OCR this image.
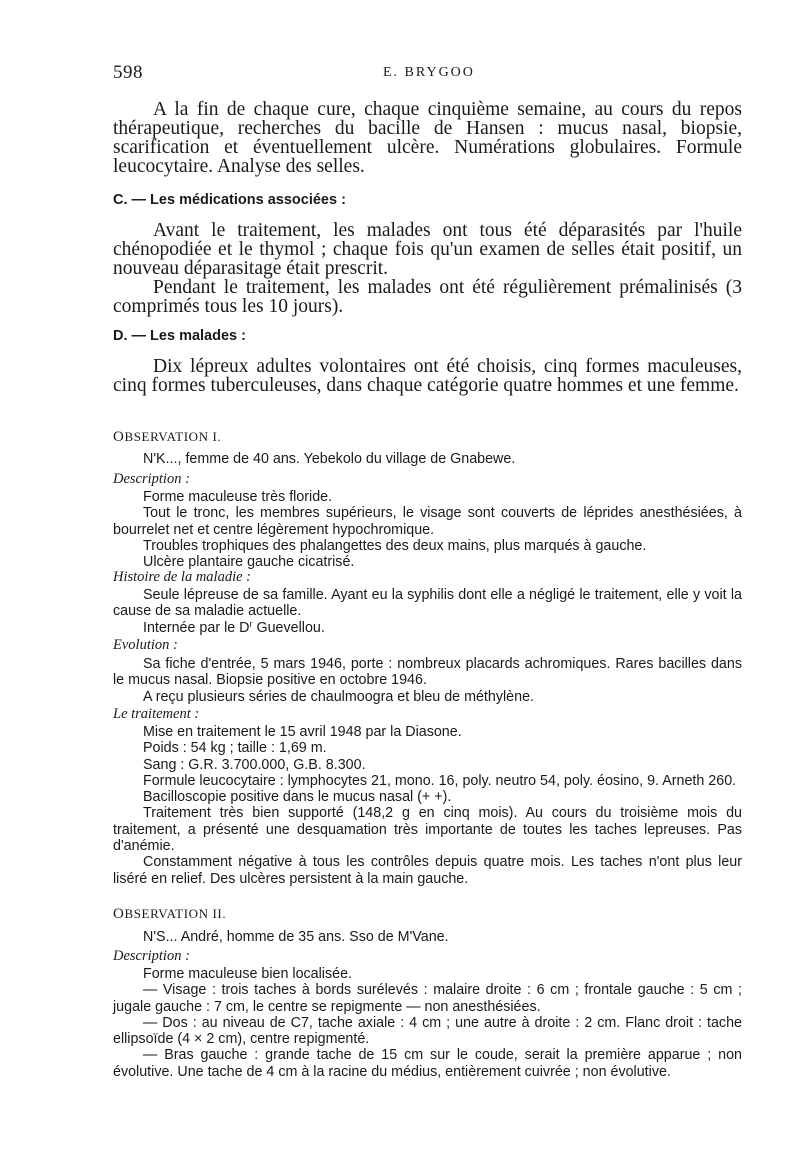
598	E. BRYGOO

A la fin de chaque cure, chaque cinquième semaine, au cours du repos thérapeutique, recherches du bacille de Hansen : mucus nasal, biopsie, scarification et éventuellement ulcère. Numérations globulaires. Formule leucocytaire. Analyse des selles.

C. — Les médications associées :

Avant le traitement, les malades ont tous été déparasités par l'huile chénopodiée et le thymol ; chaque fois qu'un examen de selles était positif, un nouveau déparasitage était prescrit.

Pendant le traitement, les malades ont été régulièrement prémalinisés (3 comprimés tous les 10 jours).

D. — Les malades :

Dix lépreux adultes volontaires ont été choisis, cinq formes maculeuses, cinq formes tuberculeuses, dans chaque catégorie quatre hommes et une femme.

OBSERVATION I.

N'K..., femme de 40 ans. Yebekolo du village de Gnabewe.

Description :

Forme maculeuse très floride.

Tout le tronc, les membres supérieurs, le visage sont couverts de léprides anesthésiées, à bourrelet net et centre légèrement hypochromique.

Troubles trophiques des phalangettes des deux mains, plus marqués à gauche.

Ulcère plantaire gauche cicatrisé.

Histoire de la maladie :

Seule lépreuse de sa famille. Ayant eu la syphilis dont elle a négligé le traitement, elle y voit la cause de sa maladie actuelle.

Internée par le $D^r$ Guevellou.

Evolution :

Sa fiche d'entrée, 5 mars 1946, porte : nombreux placards achromiques. Rares bacilles dans le mucus nasal. Biopsie positive en octobre 1946.

A reçu plusieurs séries de chaulmoogra et bleu de méthylène.

Le traitement :

Mise en traitement le 15 avril 1948 par la Diasone.

Poids : 54 kg ; taille : 1,69 m.

Sang : G.R. 3.700.000, G.B. 8.300.

Formule leucocytaire : lymphocytes 21, mono. 16, poly. neutro 54, poly. éosino, 9. Arneth 260.

Bacilloscopie positive dans le mucus nasal (+ +).

Traitement très bien supporté (148,2 g en cinq mois). Au cours du troisième mois du traitement, a présenté une desquamation très importante de toutes les taches lepreuses. Pas d'anémie.

Constamment négative à tous les contrôles depuis quatre mois. Les taches n'ont plus leur liséré en relief. Des ulcères persistent à la main gauche.

OBSERVATION II.

N'S... André, homme de 35 ans. Sso de M'Vane.

Description :

Forme maculeuse bien localisée.

— Visage : trois taches à bords surélevés : malaire droite : 6 cm ; frontale gauche : 5 cm ; jugale gauche : 7 cm, le centre se repigmente — non anesthésiées.

— Dos : au niveau de C7, tache axiale : 4 cm ; une autre à droite : 2 cm. Flanc droit : tache ellipsoïde (4 × 2 cm), centre repigmenté.

— Bras gauche : grande tache de 15 cm sur le coude, serait la première apparue ; non évolutive. Une tache de 4 cm à la racine du médius, entièrement cuivrée ; non évolutive.
